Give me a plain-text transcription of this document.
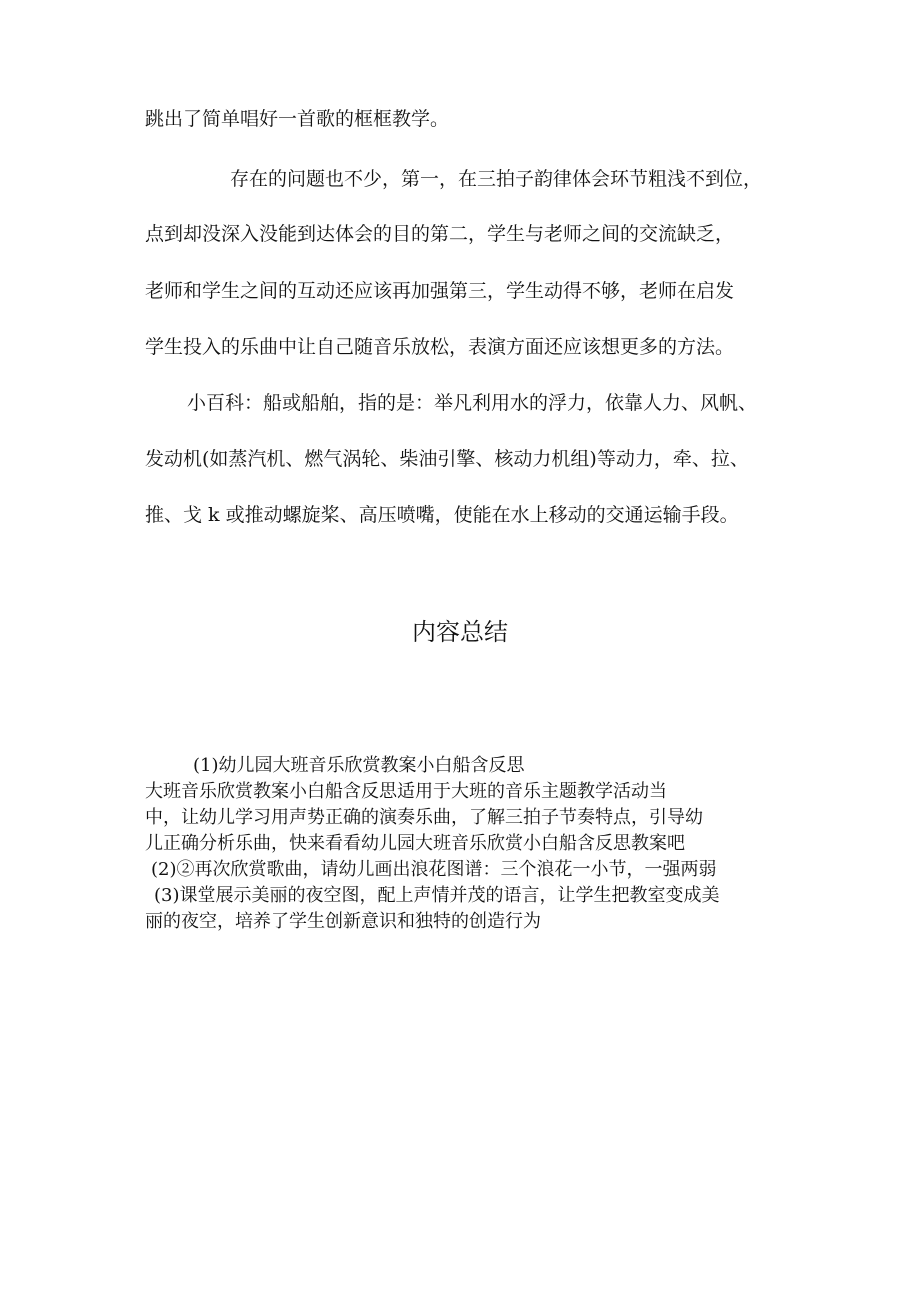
跳出了简单唱好一首歌的框框教学。
存在的问题也不少，第一，在三拍子韵律体会环节粗浅不到位，
点到却没深入没能到达体会的目的第二，学生与老师之间的交流缺乏，
老师和学生之间的互动还应该再加强第三，学生动得不够，老师在启发
学生投入的乐曲中让自己随音乐放松，表演方面还应该想更多的方法。
小百科：船或船舶，指的是：举凡利用水的浮力，依靠人力、风帆、
发动机(如蒸汽机、燃气涡轮、柴油引擎、核动力机组)等动力，牵、拉、
推、戈 k 或推动螺旋桨、高压喷嘴，使能在水上移动的交通运输手段。
内容总结
(1)幼儿园大班音乐欣赏教案小白船含反思
大班音乐欣赏教案小白船含反思适用于大班的音乐主题教学活动当
中，让幼儿学习用声势正确的演奏乐曲，了解三拍子节奏特点，引导幼
儿正确分析乐曲，快来看看幼儿园大班音乐欣赏小白船含反思教案吧
(2)②再次欣赏歌曲，请幼儿画出浪花图谱：三个浪花一小节，一强两弱
(3)课堂展示美丽的夜空图，配上声情并茂的语言，让学生把教室变成美
丽的夜空，培养了学生创新意识和独特的创造行为
